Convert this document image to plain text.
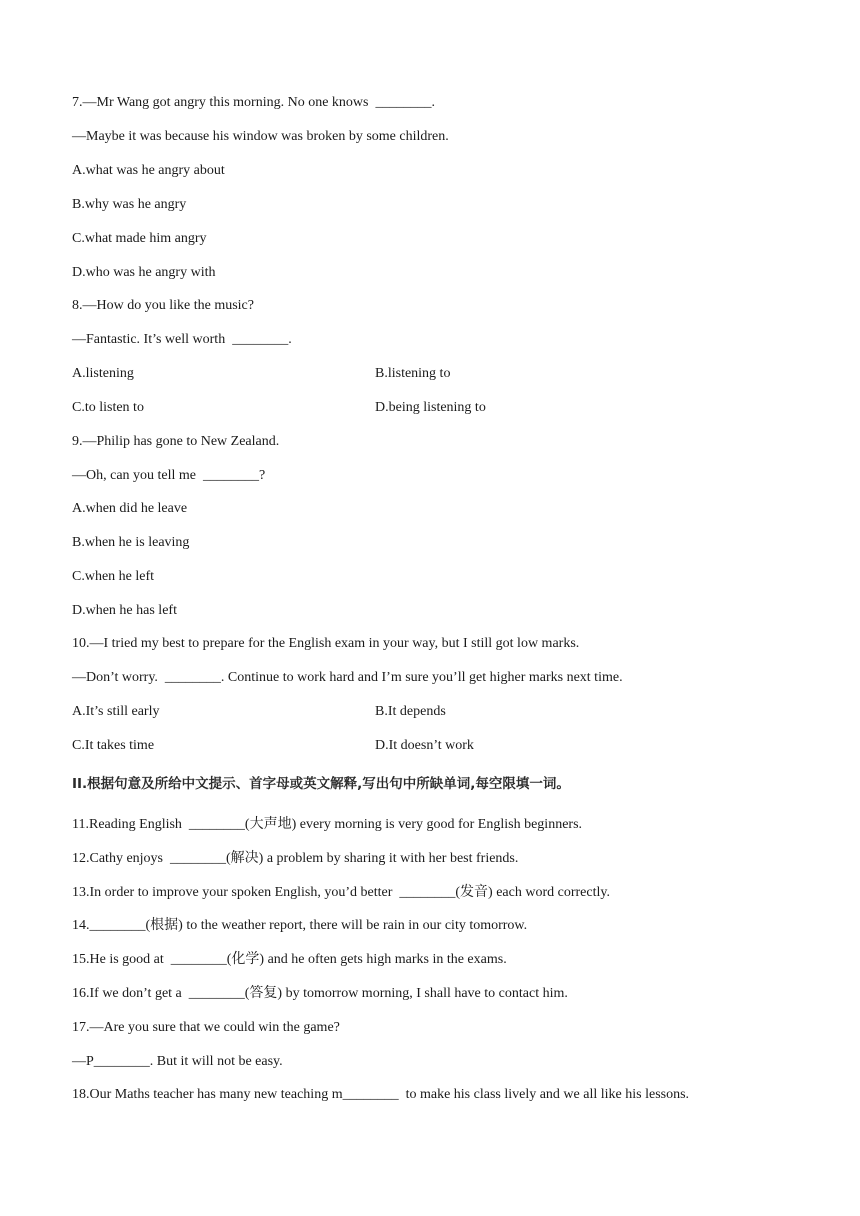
7.—Mr Wang got angry this morning. No one knows  ________.
—Maybe it was because his window was broken by some children.
A.what was he angry about
B.why was he angry
C.what made him angry
D.who was he angry with
8.—How do you like the music?
—Fantastic. It’s well worth  ________.
A.listening	B.listening to
C.to listen to	D.being listening to
9.—Philip has gone to New Zealand.
—Oh, can you tell me  ________?
A.when did he leave
B.when he is leaving
C.when he left
D.when he has left
10.—I tried my best to prepare for the English exam in your way, but I still got low marks.
—Don’t worry.  ________. Continue to work hard and I’m sure you’ll get higher marks next time.
A.It’s still early	B.It depends
C.It takes time	D.It doesn’t work
II.根据句意及所给中文提示、首字母或英文解释,写出句中所缺单词,每空限填一词。
11.Reading English  ________(大声地) every morning is very good for English beginners.
12.Cathy enjoys  ________(解决) a problem by sharing it with her best friends.
13.In order to improve your spoken English, you’d better  ________(发音) each word correctly.
14.________(根据) to the weather report, there will be rain in our city tomorrow.
15.He is good at  ________(化学) and he often gets high marks in the exams.
16.If we don’t get a  ________(答复) by tomorrow morning, I shall have to contact him.
17.—Are you sure that we could win the game?
—P________. But it will not be easy.
18.Our Maths teacher has many new teaching m________  to make his class lively and we all like his lessons.
